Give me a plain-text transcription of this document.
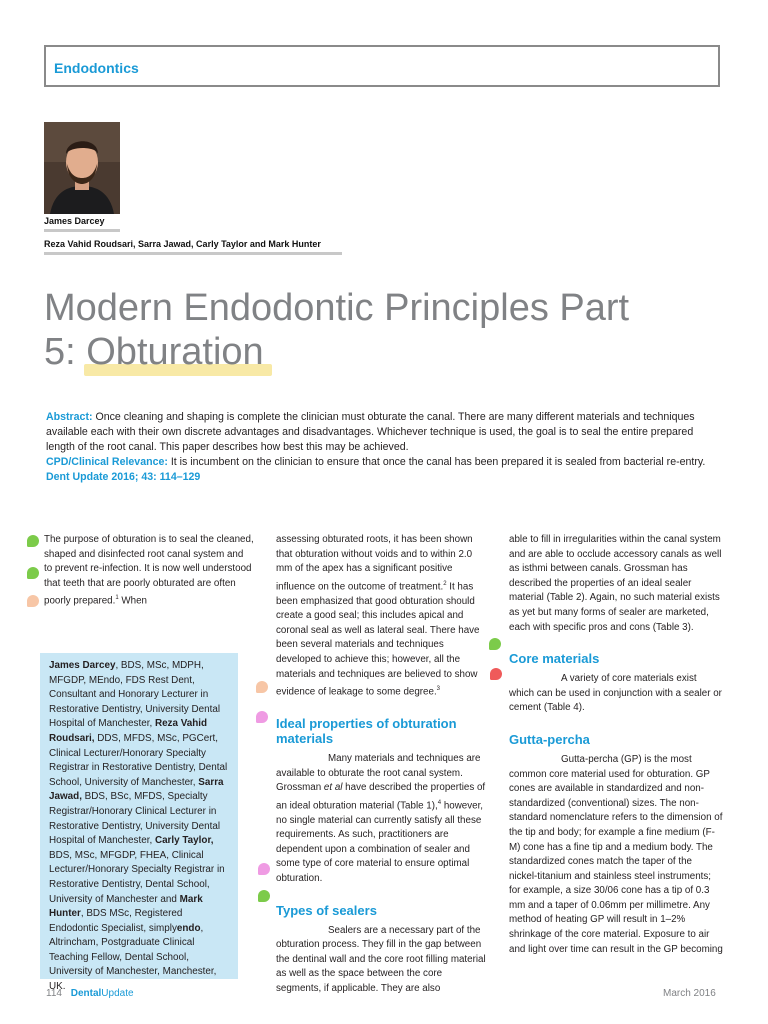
Endodontics
James Darcey
Reza Vahid Roudsari, Sarra Jawad, Carly Taylor and Mark Hunter
Modern Endodontic Principles Part
5: Obturation
Abstract: Once cleaning and shaping is complete the clinician must obturate the canal. There are many different materials and techniques available each with their own discrete advantages and disadvantages. Whichever technique is used, the goal is to seal the entire prepared length of the root canal. This paper describes how best this may be achieved.
CPD/Clinical Relevance: It is incumbent on the clinician to ensure that once the canal has been prepared it is sealed from bacterial re-entry.
Dent Update 2016; 43: 114–129

The purpose of obturation is to seal the cleaned, shaped and disinfected root canal system and to prevent re-infection. It is now well understood that teeth that are poorly obturated are often poorly prepared.$^1$ When

James Darcey, BDS, MSc, MDPH, MFGDP, MEndo, FDS Rest Dent, Consultant and Honorary Lecturer in Restorative Dentistry, University Dental Hospital of Manchester, Reza Vahid Roudsari, DDS, MFDS, MSc, PGCert, Clinical Lecturer/Honorary Specialty Registrar in Restorative Dentistry, Dental School, University of Manchester, Sarra Jawad, BDS, BSc, MFDS, Specialty Registrar/Honorary Clinical Lecturer in Restorative Dentistry, University Dental Hospital of Manchester, Carly Taylor, BDS, MSc, MFGDP, FHEA, Clinical Lecturer/Honorary Specialty Registrar in Restorative Dentistry, Dental School, University of Manchester and Mark Hunter, BDS MSc, Registered Endodontic Specialist, simplyendo, Altrincham, Postgraduate Clinical Teaching Fellow, Dental School, University of Manchester, Manchester, UK.

assessing obturated roots, it has been shown that obturation without voids and to within 2.0 mm of the apex has a significant positive influence on the outcome of treatment.$^2$ It has been emphasized that good obturation should create a good seal; this includes apical and coronal seal as well as lateral seal. There have been several materials and techniques developed to achieve this; however, all the materials and techniques are believed to show evidence of leakage to some degree.$^3$

Ideal properties of obturation materials

Many materials and techniques are available to obturate the root canal system. Grossman et al have described the properties of an ideal obturation material (Table 1),$^4$ however, no single material can currently satisfy all these requirements. As such, practitioners are dependent upon a combination of sealer and some type of core material to ensure optimal obturation.

Types of sealers

Sealers are a necessary part of the obturation process. They fill in the gap between the dentinal wall and the core root filling material as well as the space between the core segments, if applicable. They are also

able to fill in irregularities within the canal system and are able to occlude accessory canals as well as isthmi between canals. Grossman has described the properties of an ideal sealer material (Table 2). Again, no such material exists as yet but many forms of sealer are marketed, each with specific pros and cons (Table 3).

Core materials

A variety of core materials exist which can be used in conjunction with a sealer or cement (Table 4).

Gutta-percha

Gutta-percha (GP) is the most common core material used for obturation. GP cones are available in standardized and non-standardized (conventional) sizes. The non-standard nomenclature refers to the dimension of the tip and body; for example a fine medium (F-M) cone has a fine tip and a medium body. The standardized cones match the taper of the nickel-titanium and stainless steel instruments; for example, a size 30/06 cone has a tip of 0.3 mm and a taper of 0.06mm per millimetre. Any method of heating GP will result in 1–2% shrinkage of the core material. Exposure to air and light over time can result in the GP becoming

114 DentalUpdate	March 2016
